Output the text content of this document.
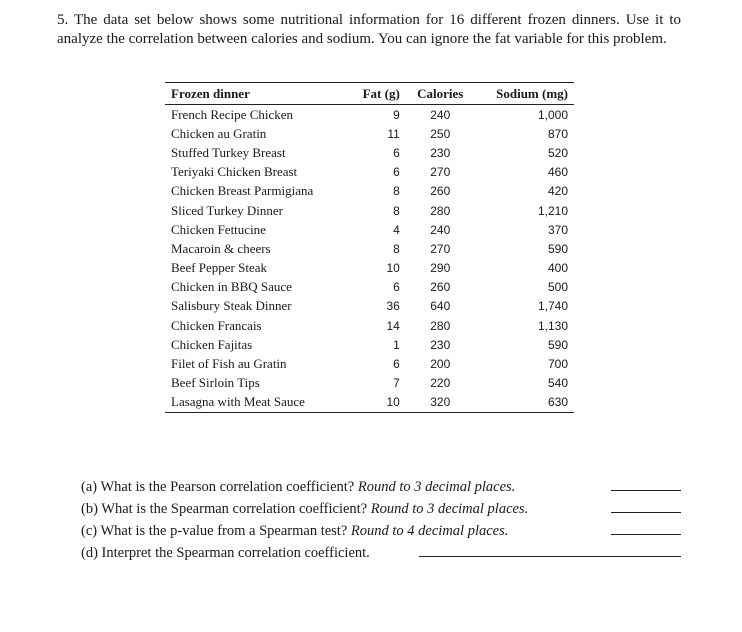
5. The data set below shows some nutritional information for 16 different frozen dinners. Use it to analyze the correlation between calories and sodium. You can ignore the fat variable for this problem.
Frozen dinner	Fat (g)	Calories	Sodium (mg)
French Recipe Chicken	9	240	1,000
Chicken au Gratin	11	250	870
Stuffed Turkey Breast	6	230	520
Teriyaki Chicken Breast	6	270	460
Chicken Breast Parmigiana	8	260	420
Sliced Turkey Dinner	8	280	1,210
Chicken Fettucine	4	240	370
Macaroin & cheers	8	270	590
Beef Pepper Steak	10	290	400
Chicken in BBQ Sauce	6	260	500
Salisbury Steak Dinner	36	640	1,740
Chicken Francais	14	280	1,130
Chicken Fajitas	1	230	590
Filet of Fish au Gratin	6	200	700
Beef Sirloin Tips	7	220	540
Lasagna with Meat Sauce	10	320	630
(a) What is the Pearson correlation coefficient? Round to 3 decimal places.
(b) What is the Spearman correlation coefficient? Round to 3 decimal places.
(c) What is the p-value from a Spearman test? Round to 4 decimal places.
(d) Interpret the Spearman correlation coefficient.
